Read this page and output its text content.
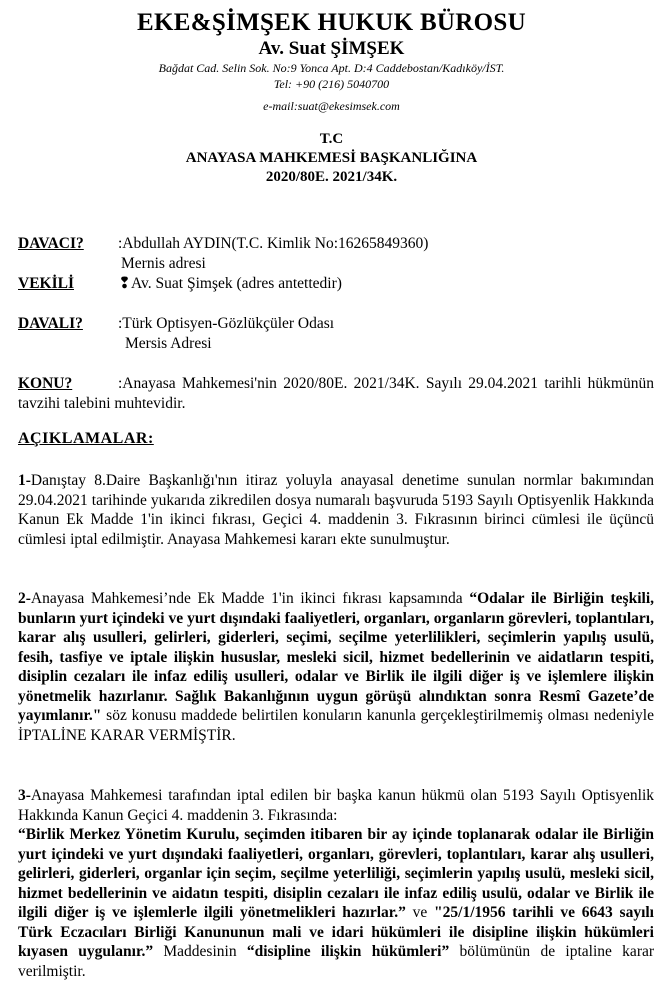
EKE&ŞİMŞEK HUKUK BÜROSU
Av. Suat ŞİMŞEK
Bağdat Cad. Selin Sok. No:9 Yonca Apt. D:4 Caddebostan/Kadıköy/İST.
Tel: +90 (216) 5040700
e-mail:suat@ekesimsek.com
T.C
ANAYASA MAHKEMESİ BAŞKANLIĞINA
2020/80E. 2021/34K.
DAVACI? :Abdullah AYDIN(T.C. Kimlik No:16265849360)
Mernis adresi
VEKİLİ	❢Av. Suat Şimşek (adres antettedir)
DAVALI? :Türk Optisyen-Gözlükçüler Odası
Mersis Adresi
KONU?	:Anayasa Mahkemesi'nin 2020/80E. 2021/34K. Sayılı 29.04.2021 tarihli hükmünün tavzihi talebini muhtevidir.
AÇIKLAMALAR:
1-Danıştay 8.Daire Başkanlığı'nın itiraz yoluyla anayasal denetime sunulan normlar bakımından 29.04.2021 tarihinde yukarıda zikredilen dosya numaralı başvuruda 5193 Sayılı Optisyenlik Hakkında Kanun Ek Madde 1'in ikinci fıkrası, Geçici 4. maddenin 3. Fıkrasının birinci cümlesi ile üçüncü cümlesi iptal edilmiştir. Anayasa Mahkemesi kararı ekte sunulmuştur.
2-Anayasa Mahkemesi’nde Ek Madde 1'in ikinci fıkrası kapsamında “Odalar ile Birliğin teşkili, bunların yurt içindeki ve yurt dışındaki faaliyetleri, organları, organların görevleri, toplantıları, karar alış usulleri, gelirleri, giderleri, seçimi, seçilme yeterlilikleri, seçimlerin yapılış usulü, fesih, tasfiye ve iptale ilişkin hususlar, mesleki sicil, hizmet bedellerinin ve aidatların tespiti, disiplin cezaları ile infaz ediliş usulleri, odalar ve Birlik ile ilgili diğer iş ve işlemlere ilişkin yönetmelik hazırlanır. Sağlık Bakanlığının uygun görüşü alındıktan sonra Resmî Gazete’de yayımlanır." söz konusu maddede belirtilen konuların kanunla gerçekleştirilmemiş olması nedeniyle İPTALİNE KARAR VERMİŞTİR.
3-Anayasa Mahkemesi tarafından iptal edilen bir başka kanun hükmü olan 5193 Sayılı Optisyenlik Hakkında Kanun Geçici 4. maddenin 3. Fıkrasında:
“Birlik Merkez Yönetim Kurulu, seçimden itibaren bir ay içinde toplanarak odalar ile Birliğin yurt içindeki ve yurt dışındaki faaliyetleri, organları, görevleri, toplantıları, karar alış usulleri, gelirleri, giderleri, organlar için seçim, seçilme yeterliliği, seçimlerin yapılış usulü, mesleki sicil, hizmet bedellerinin ve aidatın tespiti, disiplin cezaları ile infaz ediliş usulü, odalar ve Birlik ile ilgili diğer iş ve işlemlerle ilgili yönetmelikleri hazırlar.” ve "25/1/1956 tarihli ve 6643 sayılı Türk Eczacıları Birliği Kanununun mali ve idari hükümleri ile disipline ilişkin hükümleri kıyasen uygulanır.” Maddesinin “disipline ilişkin hükümleri” bölümünün de iptaline karar verilmiştir.
